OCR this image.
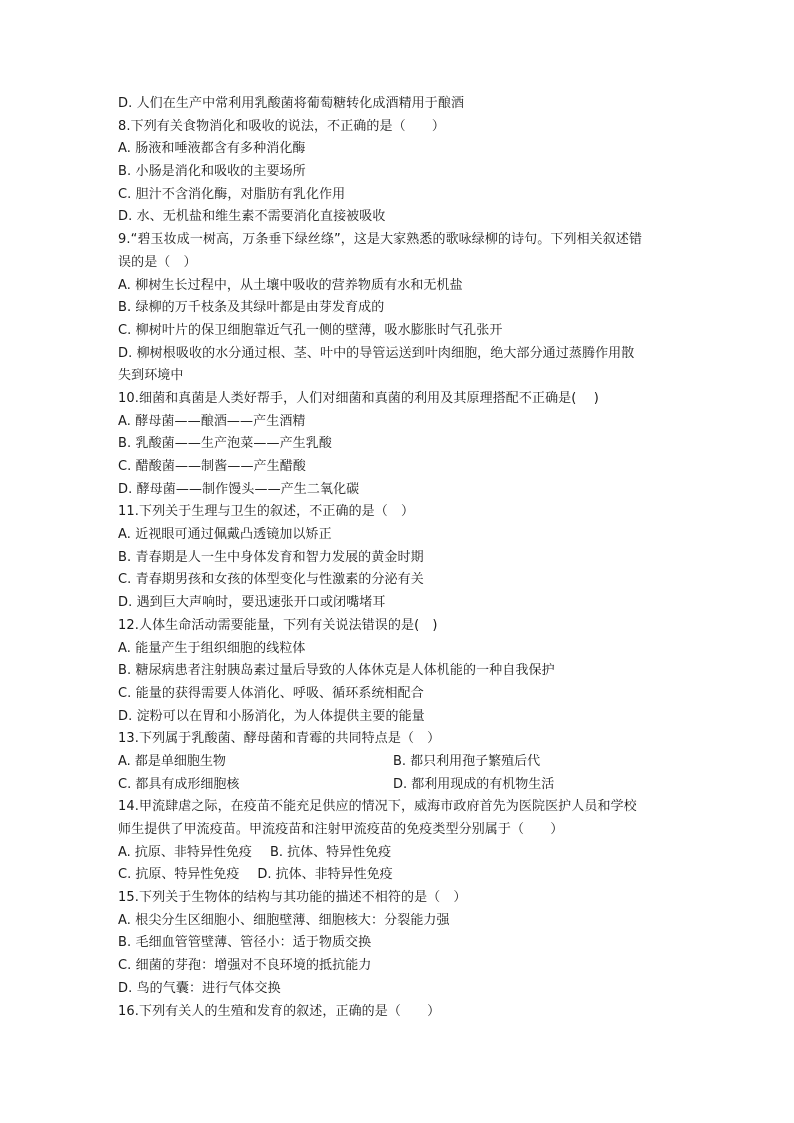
D. 人们在生产中常利用乳酸菌将葡萄糖转化成酒精用于酿酒
8.下列有关食物消化和吸收的说法，不正确的是（　　）
A. 肠液和唾液都含有多种消化酶
B. 小肠是消化和吸收的主要场所
C. 胆汁不含消化酶，对脂肪有乳化作用
D. 水、无机盐和维生素不需要消化直接被吸收
9.“碧玉妆成一树高，万条垂下绿丝绦”，这是大家熟悉的歌咏绿柳的诗句。下列相关叙述错
误的是（　）
A. 柳树生长过程中，从土壤中吸收的营养物质有水和无机盐
B. 绿柳的万千枝条及其绿叶都是由芽发育成的
C. 柳树叶片的保卫细胞靠近气孔一侧的壁薄，吸水膨胀时气孔张开
D. 柳树根吸收的水分通过根、茎、叶中的导管运送到叶肉细胞，绝大部分通过蒸腾作用散
失到环境中
10.细菌和真菌是人类好帮手，人们对细菌和真菌的利用及其原理搭配不正确是(　 )
A. 酵母菌——酿酒——产生酒精
B. 乳酸菌——生产泡菜——产生乳酸
C. 醋酸菌——制酱——产生醋酸
D. 酵母菌——制作馒头——产生二氧化碳
11.下列关于生理与卫生的叙述，不正确的是（　）
A. 近视眼可通过佩戴凸透镜加以矫正
B. 青春期是人一生中身体发育和智力发展的黄金时期
C. 青春期男孩和女孩的体型变化与性激素的分泌有关
D. 遇到巨大声响时，要迅速张开口或闭嘴堵耳
12.人体生命活动需要能量，下列有关说法错误的是(　)
A. 能量产生于组织细胞的线粒体
B. 糖尿病患者注射胰岛素过量后导致的人体休克是人体机能的一种自我保护
C. 能量的获得需要人体消化、呼吸、循环系统相配合
D. 淀粉可以在胃和小肠消化，为人体提供主要的能量
13.下列属于乳酸菌、酵母菌和青霉的共同特点是（　）
A. 都是单细胞生物	B. 都只利用孢子繁殖后代
C. 都具有成形细胞核	D. 都利用现成的有机物生活
14.甲流肆虐之际，在疫苗不能充足供应的情况下，威海市政府首先为医院医护人员和学校
师生提供了甲流疫苗。甲流疫苗和注射甲流疫苗的免疫类型分别属于（　　）
A. 抗原、非特异性免疫 B. 抗体、特异性免疫
C. 抗原、特异性免疫 D. 抗体、非特异性免疫
15.下列关于生物体的结构与其功能的描述不相符的是（　）
A. 根尖分生区细胞小、细胞壁薄、细胞核大：分裂能力强
B. 毛细血管管壁薄、管径小：适于物质交换
C. 细菌的芽孢：增强对不良环境的抵抗能力
D. 鸟的气囊：进行气体交换
16.下列有关人的生殖和发育的叙述，正确的是（　　）
